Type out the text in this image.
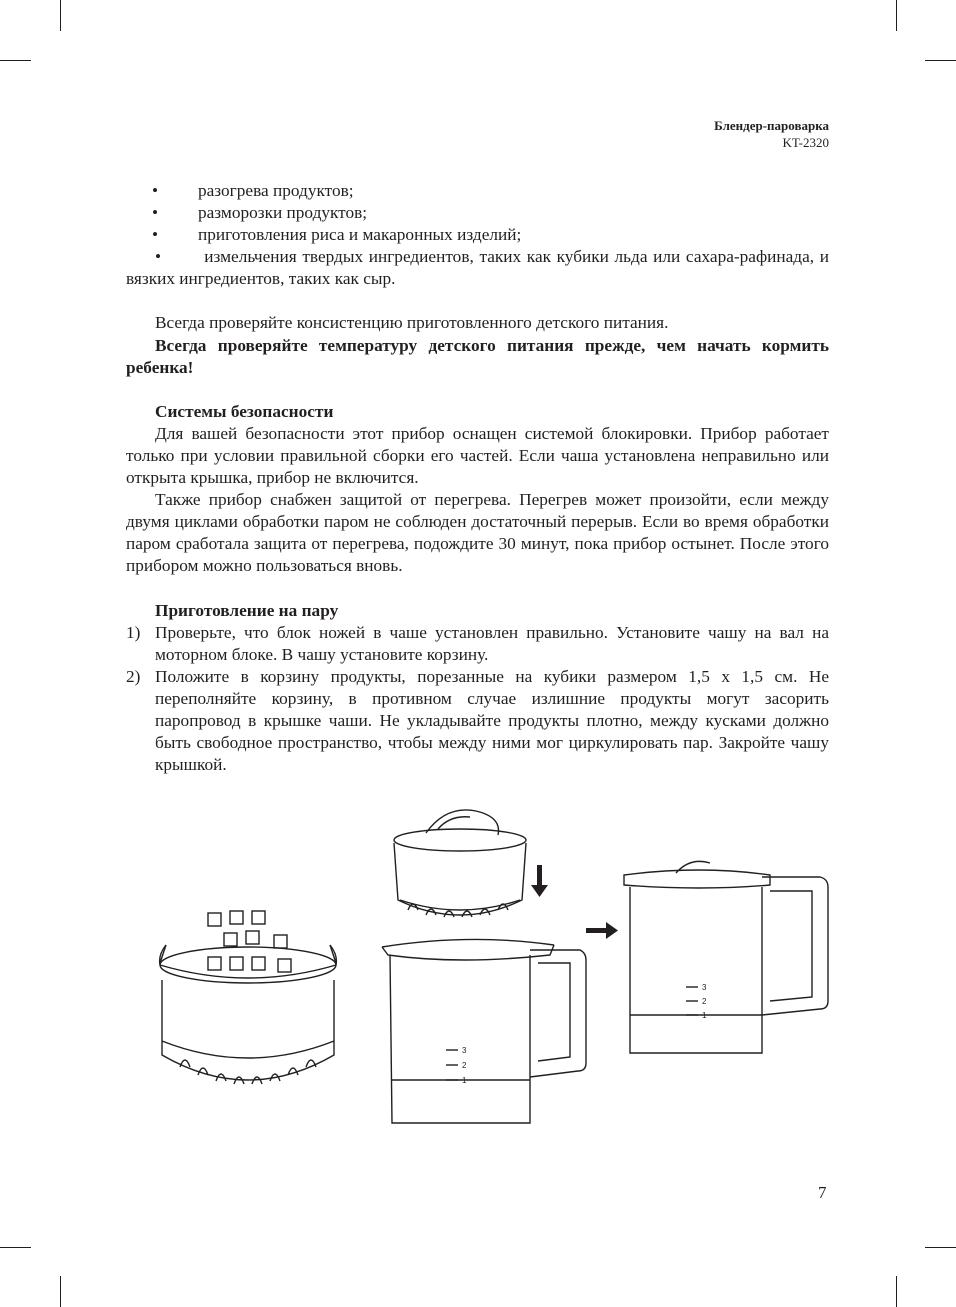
Блендер-пароварка
KT-2320

• разогрева продуктов;

• разморозки продуктов;

• приготовления риса и макаронных изделий;

•    измельчения твердых ингредиентов, таких как кубики льда или сахара-рафинада, и вязких ингредиентов, таких как сыр.

Всегда проверяйте консистенцию приготовленного детского питания.

Всегда проверяйте температуру детского питания прежде, чем начать кормить ребенка!

Системы безопасности

Для вашей безопасности этот прибор оснащен системой блокировки. Прибор работает только при условии правильной сборки его частей. Если чаша установлена неправильно или открыта крышка, прибор не включится.

Также прибор снабжен защитой от перегрева. Перегрев может произойти, если между двумя циклами обработки паром не соблюден достаточный перерыв. Если во время обработки паром сработала защита от перегрева, подождите 30 минут, пока прибор остынет. После этого прибором можно пользоваться вновь.

Приготовление на пару

1) Проверьте, что блок ножей в чаше установлен правильно. Установите чашу на вал на моторном блоке. В чашу установите корзину.

2) Положите в корзину продукты, порезанные на кубики размером 1,5 х 1,5 см. Не переполняйте корзину, в противном случае излишние продукты могут засорить паропровод в крышке чаши. Не укладывайте продукты плотно, между кусками должно быть свободное пространство, чтобы между ними мог циркулировать пар. Закройте чашу крышкой.

3
2
1
3
2
1
7
